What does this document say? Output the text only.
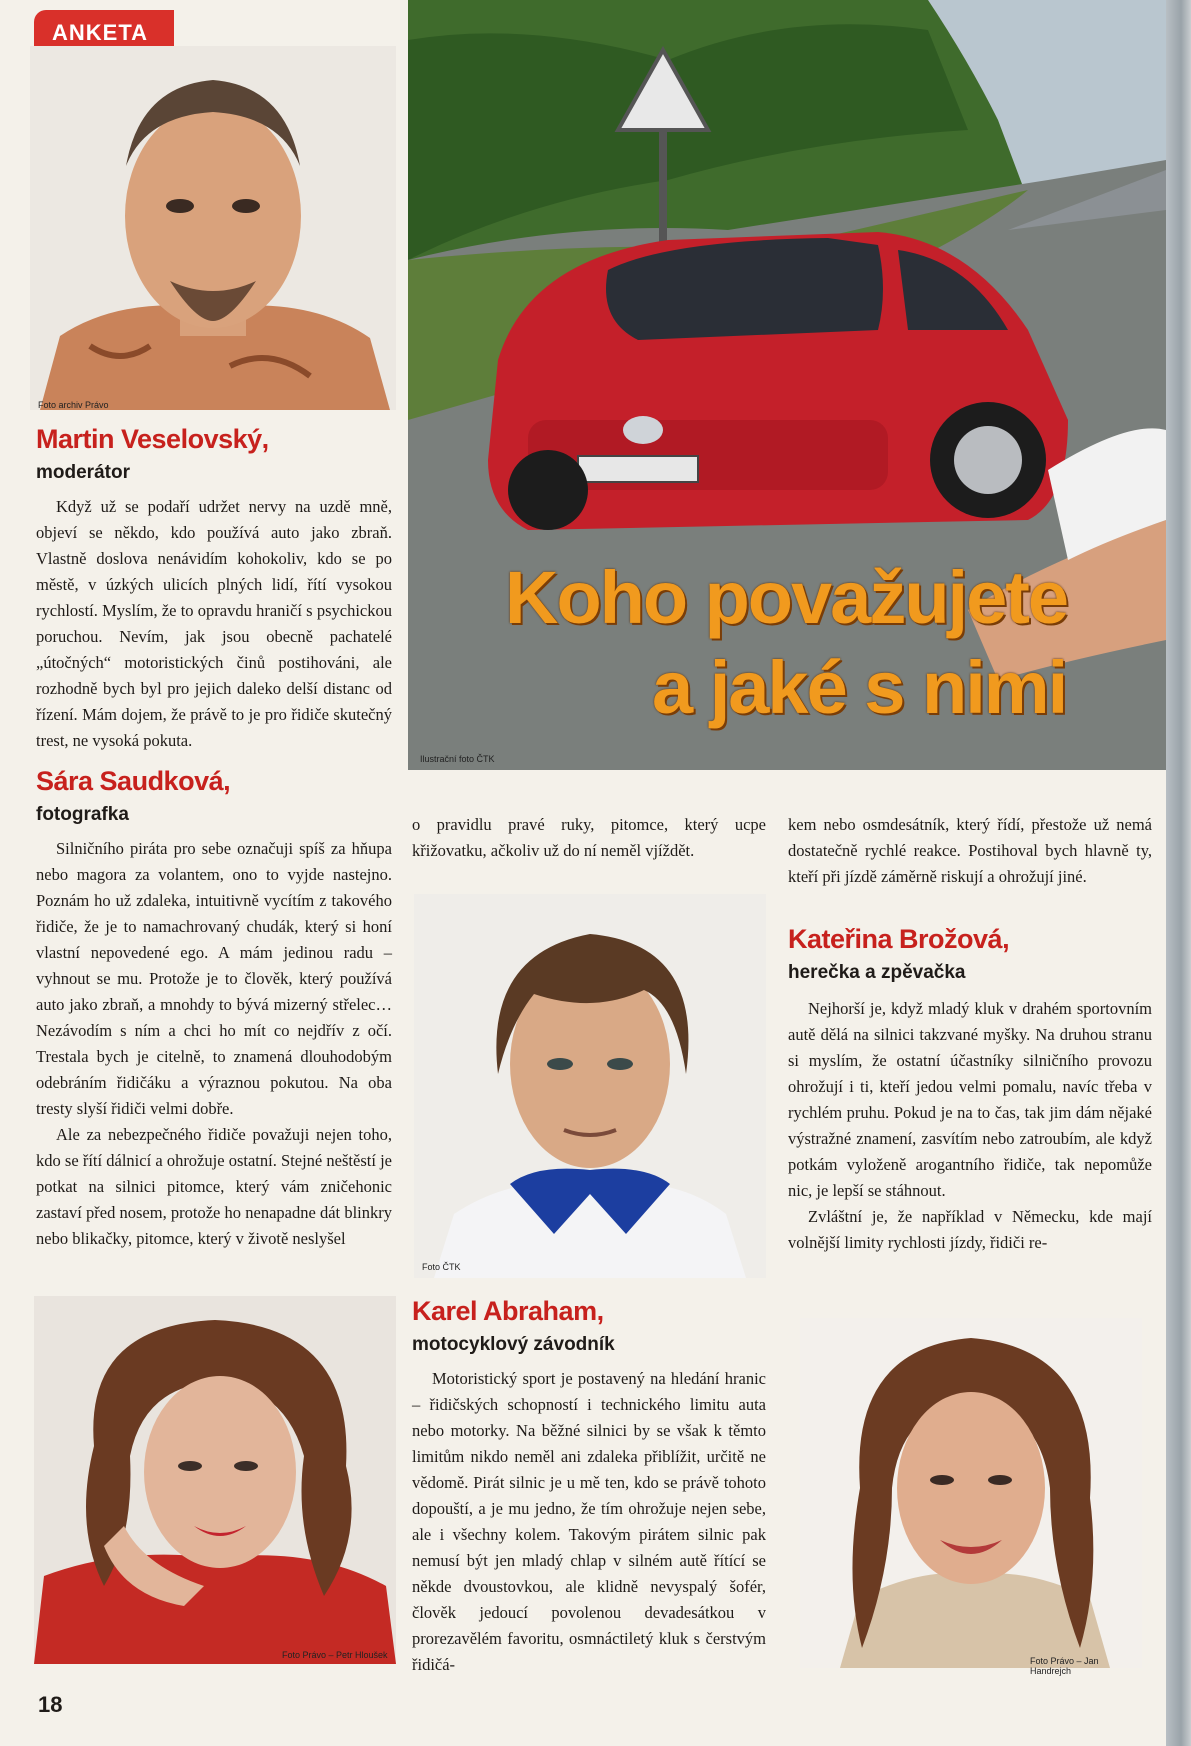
ANKETA
Foto archiv Právo
Ilustrační foto ČTK
Koho považujete
a jaké s nimi
Martin Veselovský,
moderátor

Když už se podaří udržet nervy na uzdě mně, objeví se někdo, kdo používá auto jako zbraň. Vlastně doslova nenávidím kohokoliv, kdo se po městě, v úzkých ulicích plných lidí, řítí vysokou rychlostí. Myslím, že to opravdu hraničí s psychickou poruchou. Nevím, jak jsou obecně pachatelé „útočných“ motoristických činů postihováni, ale rozhodně bych byl pro jejich daleko delší distanc od řízení. Mám dojem, že právě to je pro řidiče skutečný trest, ne vysoká pokuta.

Sára Saudková,
fotografka

Silničního piráta pro sebe označuji spíš za hňupa nebo magora za volantem, ono to vyjde nastejno. Poznám ho už zdaleka, intuitivně vycítím z takového řidiče, že je to namachrovaný chudák, který si honí vlastní nepovedené ego. A mám jedinou radu – vyhnout se mu. Protože je to člověk, který používá auto jako zbraň, a mnohdy to bývá mizerný střelec… Nezávodím s ním a chci ho mít co nejdřív z očí. Trestala bych je citelně, to znamená dlouhodobým odebráním řidičáku a výraznou pokutou. Na oba tresty slyší řidiči velmi dobře.

Ale za nebezpečného řidiče považuji nejen toho, kdo se řítí dálnicí a ohrožuje ostatní. Stejné neštěstí je potkat na silnici pitomce, který vám zničehonic zastaví před nosem, protože ho nenapadne dát blinkry nebo blikačky, pitomce, který v životě neslyšel

o pravidlu pravé ruky, pitomce, který ucpe křižovatku, ačkoliv už do ní neměl vjíždět.

kem nebo osmdesátník, který řídí, přestože už nemá dostatečně rychlé reakce. Postihoval bych hlavně ty, kteří při jízdě záměrně riskují a ohrožují jiné.

Foto ČTK
Karel Abraham,
motocyklový závodník

Motoristický sport je postavený na hledání hranic – řidičských schopností i technického limitu auta nebo motorky. Na běžné silnici by se však k těmto limitům nikdo neměl ani zdaleka přiblížit, určitě ne vědomě. Pirát silnic je u mě ten, kdo se právě tohoto dopouští, a je mu jedno, že tím ohrožuje nejen sebe, ale i všechny kolem. Takovým pirátem silnic pak nemusí být jen mladý chlap v silném autě řítící se někde dvoustovkou, ale klidně nevyspalý šofér, člověk jedoucí povolenou devadesátkou v prorezavělém favoritu, osmnáctiletý kluk s čerstvým řidičá-

Kateřina Brožová,
herečka a zpěvačka

Nejhorší je, když mladý kluk v drahém sportovním autě dělá na silnici takzvané myšky. Na druhou stranu si myslím, že ostatní účastníky silničního provozu ohrožují i ti, kteří jedou velmi pomalu, navíc třeba v rychlém pruhu. Pokud je na to čas, tak jim dám nějaké výstražné znamení, zasvítím nebo zatroubím, ale když potkám vyloženě arogantního řidiče, tak nepomůže nic, je lepší se stáhnout.

Zvláštní je, že například v Německu, kde mají volnější limity rychlosti jízdy, řidiči re-

Foto Právo – Petr Hloušek
Foto Právo – Jan Handrejch
18
